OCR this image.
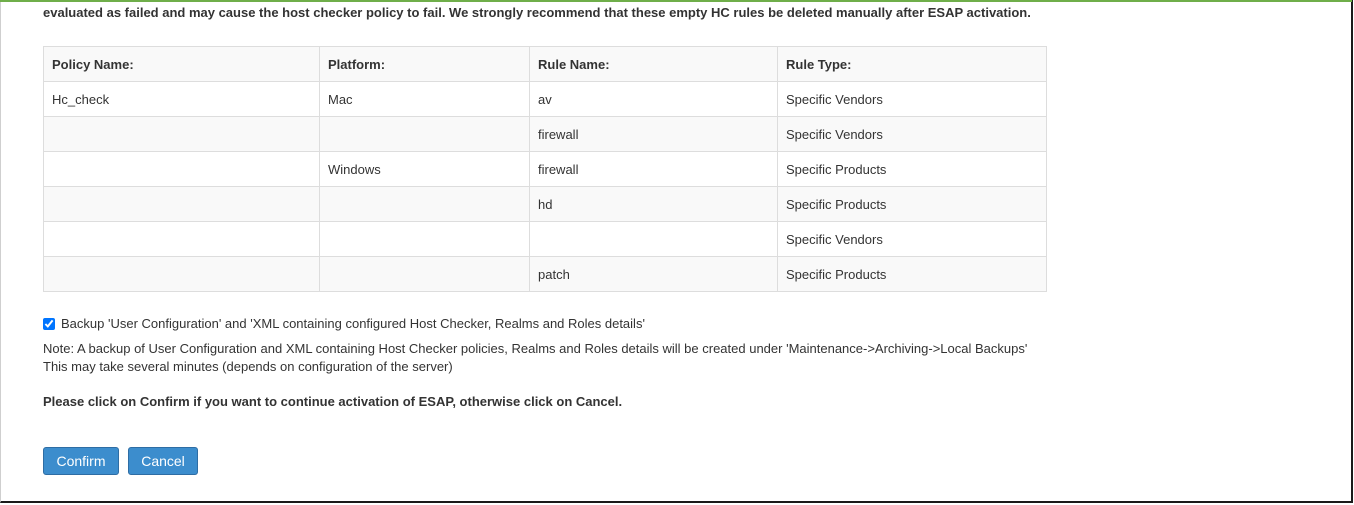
evaluated as failed and may cause the host checker policy to fail. We strongly recommend that these empty HC rules be deleted manually after ESAP activation.
Policy Name:	Platform:	Rule Name:	Rule Type:
Hc_check	Mac	av	Specific Vendors
		firewall	Specific Vendors
	Windows	firewall	Specific Products
		hd	Specific Products
			Specific Vendors
		patch	Specific Products
Backup 'User Configuration' and 'XML containing configured Host Checker, Realms and Roles details'
Note: A backup of User Configuration and XML containing Host Checker policies, Realms and Roles details will be created under 'Maintenance->Archiving->Local Backups'
This may take several minutes (depends on configuration of the server)
Please click on Confirm if you want to continue activation of ESAP, otherwise click on Cancel.
Confirm	Cancel
